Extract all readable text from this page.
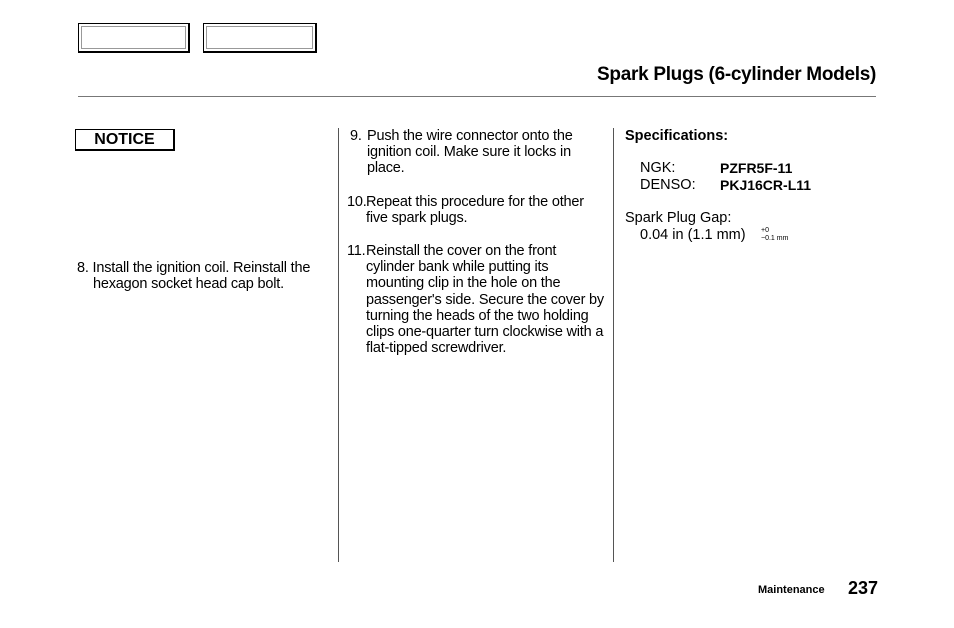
Spark Plugs (6-cylinder Models)
NOTICE
8. Install the ignition coil. Reinstall the hexagon socket head cap bolt.
9. Push the wire connector onto the ignition coil. Make sure it locks in place.
10. Repeat this procedure for the other five spark plugs.
11. Reinstall the cover on the front cylinder bank while putting its mounting clip in the hole on the passenger's side. Secure the cover by turning the heads of the two holding clips one-quarter turn clockwise with a flat-tipped screwdriver.
Specifications:
NGK:	PZFR5F-11
DENSO: PKJ16CR-L11
Spark Plug Gap:
0.04 in (1.1 mm) +0
−0.1 mm
Maintenance 237
